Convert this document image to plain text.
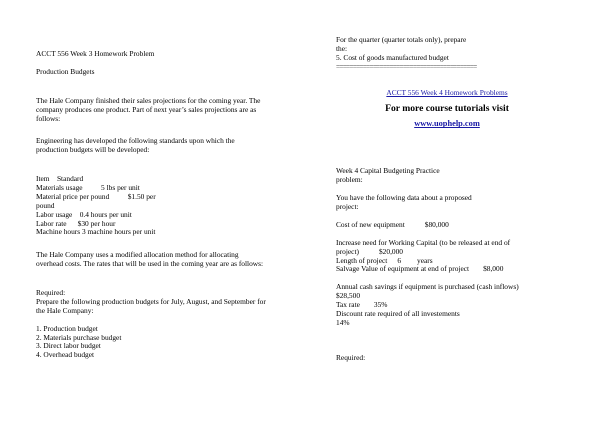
ACCT 556 Week 3 Homework Problem

Production Budgets

The Hale Company finished their sales projections for the coming year. The company produces one product. Part of next year’s sales projections are as follows:

Engineering has developed the following standards upon which the production budgets will be developed:

Item Standard

Materials usage          5 lbs per unit

Material price per pound          $1.50 per

pound

Labor usage    0.4 hours per unit

Labor rate      $30 per hour

Machine hours 3 machine hours per unit

The Hale Company uses a modified allocation method for allocating overhead costs. The rates that will be used in the coming year are as follows:

Required:

Prepare the following production budgets for July, August, and September for the Hale Company:

1. Production budget

2. Materials purchase budget

3. Direct labor budget

4. Overhead budget

For the quarter (quarter totals only), prepare

the:

5. Cost of goods manufactured budget

==========================================

ACCT 556 Week 4 Homework Problems

For more course tutorials visit

www.uophelp.com

Week 4 Capital Budgeting Practice

problem:

You have the following data about a proposed

project:

Cost of new equipment	$80,000

Increase need for Working Capital (to be released at end of

project)	$20,000

Length of project 6 years

Salvage Value of equipment at end of project $8,000

Annual cash savings if equipment is purchased (cash inflows)

$28,500

Tax rate 35%

Discount rate required of all investements

14%

Required:
